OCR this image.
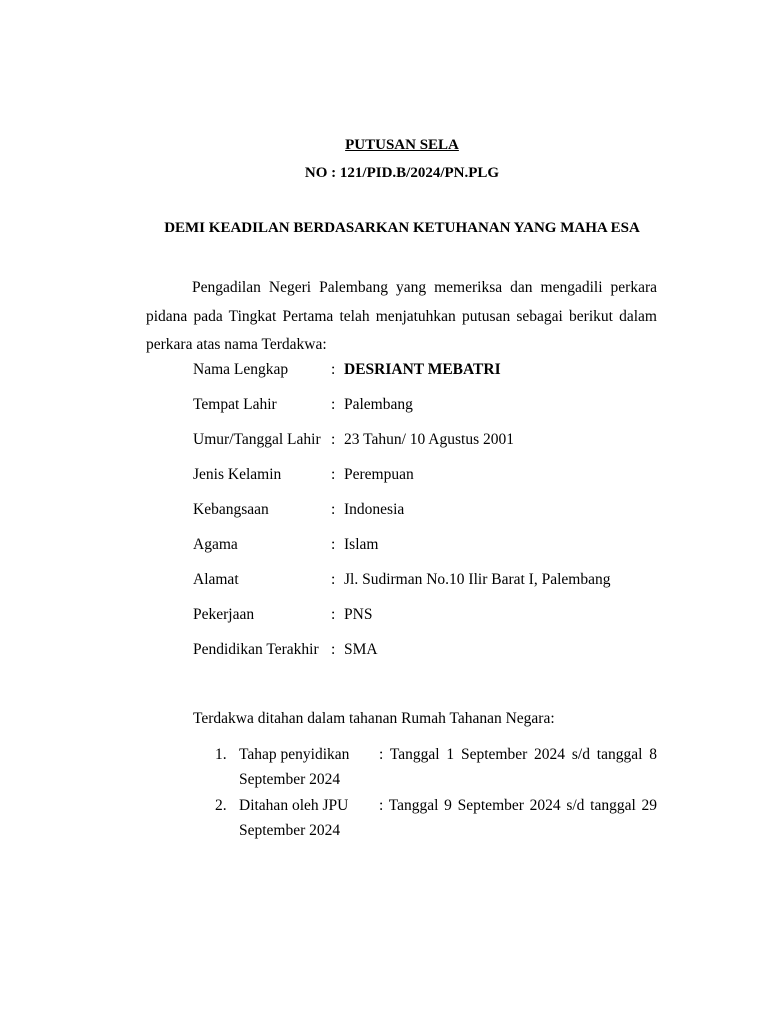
PUTUSAN SELA
NO : 121/PID.B/2024/PN.PLG
DEMI KEADILAN BERDASARKAN KETUHANAN YANG MAHA ESA

Pengadilan Negeri Palembang yang memeriksa dan mengadili perkara pidana pada Tingkat Pertama telah menjatuhkan putusan sebagai berikut dalam perkara atas nama Terdakwa:

Nama Lengkap	: DESRIANT MEBATRI
Tempat Lahir	: Palembang
Umur/Tanggal Lahir : 23 Tahun/ 10 Agustus 2001
Jenis Kelamin	: Perempuan
Kebangsaan	: Indonesia
Agama	: Islam
Alamat	: Jl. Sudirman No.10 Ilir Barat I, Palembang
Pekerjaan	: PNS
Pendidikan Terakhir : SMA
Terdakwa ditahan dalam tahanan Rumah Tahanan Negara:
1. Tahap penyidikan : Tanggal 1 September 2024 s/d tanggal 8
September 2024
2. Ditahan oleh JPU : Tanggal 9 September 2024 s/d tanggal 29
September 2024
